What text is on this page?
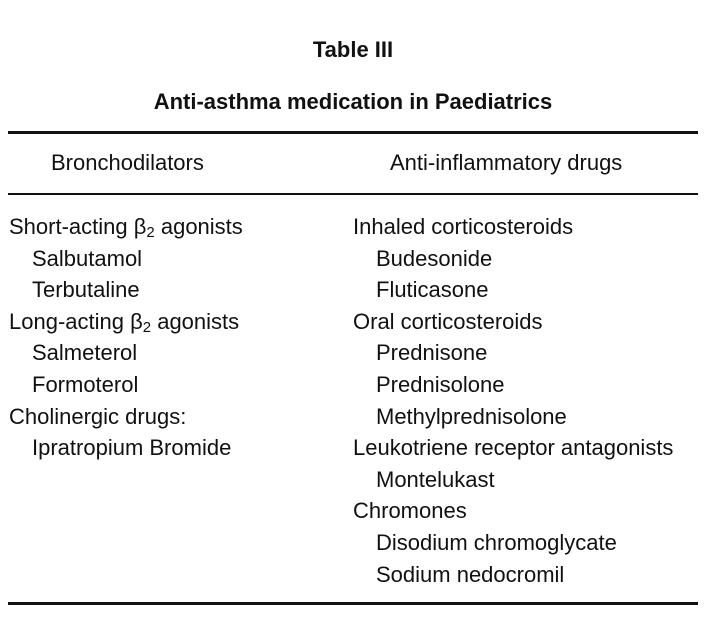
Table III
Anti-asthma medication in Paediatrics
Bronchodilators	Anti-inflammatory drugs
Short-acting $\beta_2$ agonists
Salbutamol
Terbutaline
Long-acting $\beta_2$ agonists
Salmeterol
Formoterol
Cholinergic drugs:
Ipratropium Bromide
Inhaled corticosteroids
Budesonide
Fluticasone
Oral corticosteroids
Prednisone
Prednisolone
Methylprednisolone
Leukotriene receptor antagonists
Montelukast
Chromones
Disodium chromoglycate
Sodium nedocromil
